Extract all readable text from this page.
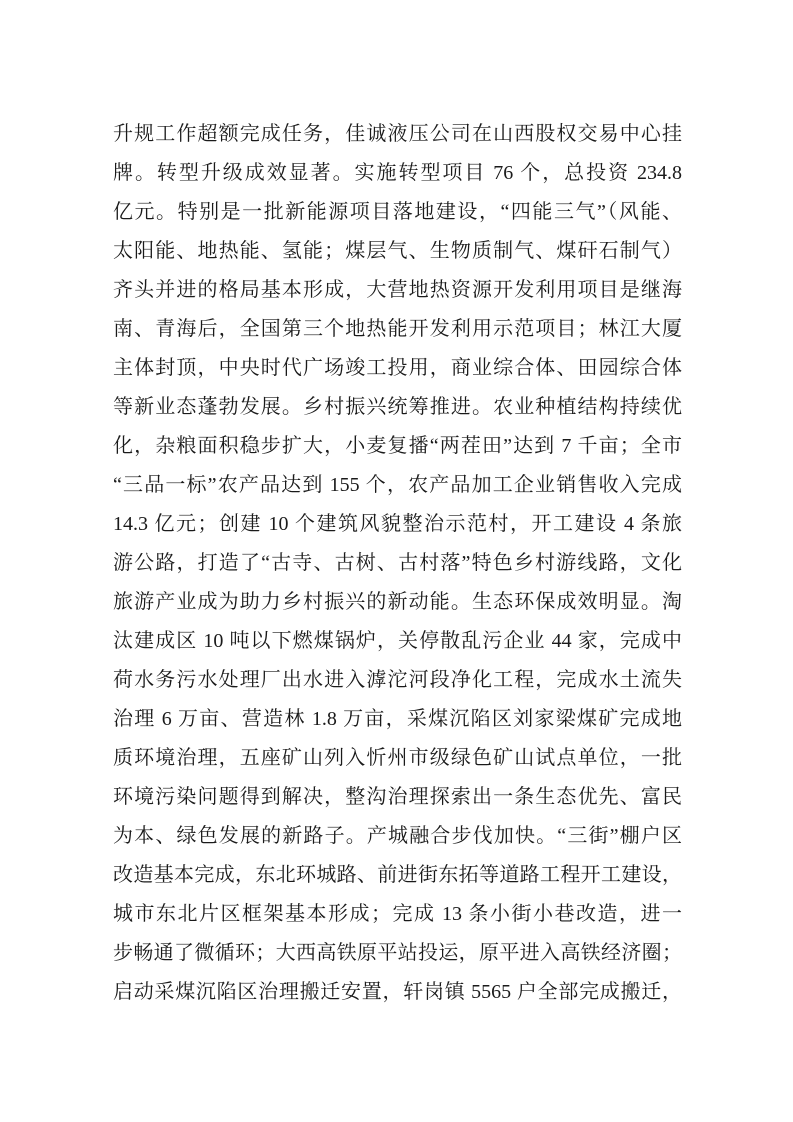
升规工作超额完成任务，佳诚液压公司在山西股权交易中心挂
牌。转型升级成效显著。实施转型项目 76 个，总投资 234.8
亿元。特别是一批新能源项目落地建设，“四能三气”（风能、
太阳能、地热能、氢能；煤层气、生物质制气、煤矸石制气）
齐头并进的格局基本形成，大营地热资源开发利用项目是继海
南、青海后，全国第三个地热能开发利用示范项目；林江大厦
主体封顶，中央时代广场竣工投用，商业综合体、田园综合体
等新业态蓬勃发展。乡村振兴统筹推进。农业种植结构持续优
化，杂粮面积稳步扩大，小麦复播“两茬田”达到 7 千亩；全市
“三品一标”农产品达到 155 个，农产品加工企业销售收入完成
14.3 亿元；创建 10 个建筑风貌整治示范村，开工建设 4 条旅
游公路，打造了“古寺、古树、古村落”特色乡村游线路，文化
旅游产业成为助力乡村振兴的新动能。生态环保成效明显。淘
汰建成区 10 吨以下燃煤锅炉，关停散乱污企业 44 家，完成中
荷水务污水处理厂出水进入滹沱河段净化工程，完成水土流失
治理 6 万亩、营造林 1.8 万亩，采煤沉陷区刘家梁煤矿完成地
质环境治理，五座矿山列入忻州市级绿色矿山试点单位，一批
环境污染问题得到解决，整沟治理探索出一条生态优先、富民
为本、绿色发展的新路子。产城融合步伐加快。“三街”棚户区
改造基本完成，东北环城路、前进街东拓等道路工程开工建设，
城市东北片区框架基本形成；完成 13 条小街小巷改造，进一
步畅通了微循环；大西高铁原平站投运，原平进入高铁经济圈；
启动采煤沉陷区治理搬迁安置，轩岗镇 5565 户全部完成搬迁，
